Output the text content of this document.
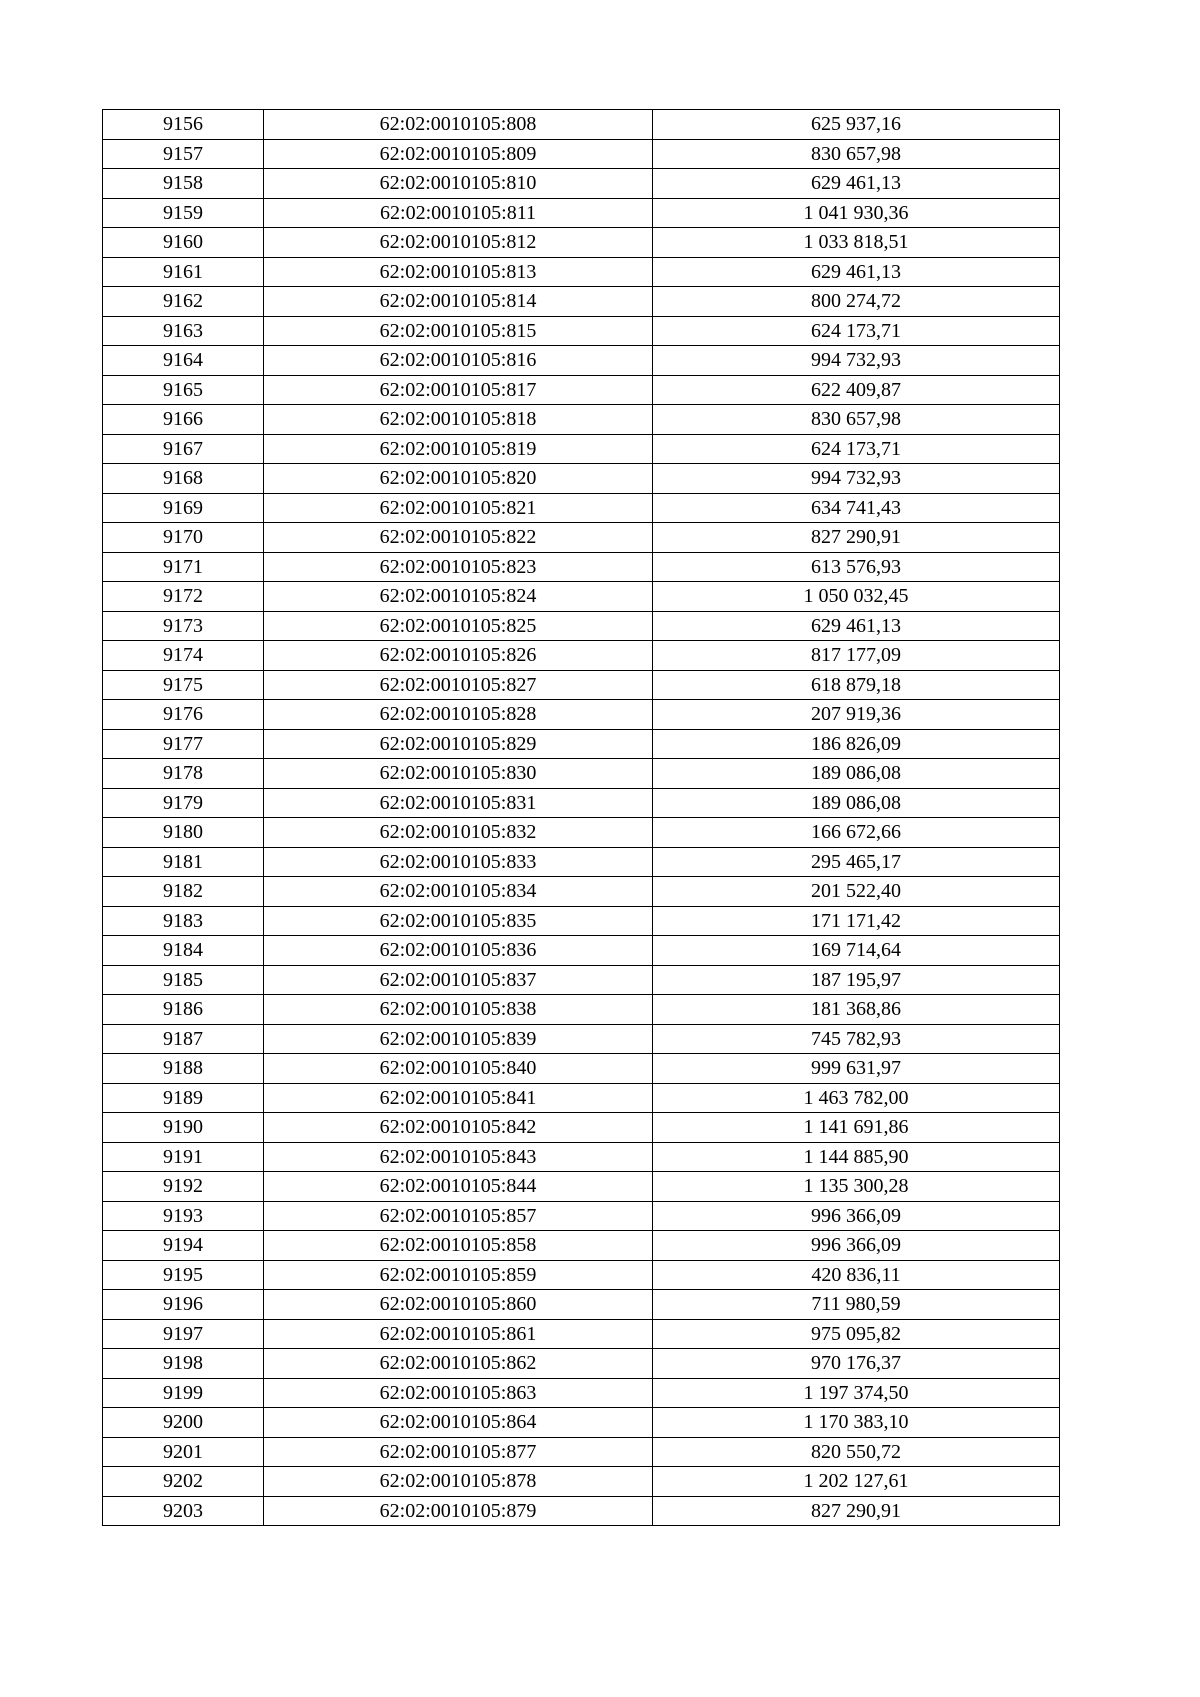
9156	62:02:0010105:808	625 937,16
9157	62:02:0010105:809	830 657,98
9158	62:02:0010105:810	629 461,13
9159	62:02:0010105:811	1 041 930,36
9160	62:02:0010105:812	1 033 818,51
9161	62:02:0010105:813	629 461,13
9162	62:02:0010105:814	800 274,72
9163	62:02:0010105:815	624 173,71
9164	62:02:0010105:816	994 732,93
9165	62:02:0010105:817	622 409,87
9166	62:02:0010105:818	830 657,98
9167	62:02:0010105:819	624 173,71
9168	62:02:0010105:820	994 732,93
9169	62:02:0010105:821	634 741,43
9170	62:02:0010105:822	827 290,91
9171	62:02:0010105:823	613 576,93
9172	62:02:0010105:824	1 050 032,45
9173	62:02:0010105:825	629 461,13
9174	62:02:0010105:826	817 177,09
9175	62:02:0010105:827	618 879,18
9176	62:02:0010105:828	207 919,36
9177	62:02:0010105:829	186 826,09
9178	62:02:0010105:830	189 086,08
9179	62:02:0010105:831	189 086,08
9180	62:02:0010105:832	166 672,66
9181	62:02:0010105:833	295 465,17
9182	62:02:0010105:834	201 522,40
9183	62:02:0010105:835	171 171,42
9184	62:02:0010105:836	169 714,64
9185	62:02:0010105:837	187 195,97
9186	62:02:0010105:838	181 368,86
9187	62:02:0010105:839	745 782,93
9188	62:02:0010105:840	999 631,97
9189	62:02:0010105:841	1 463 782,00
9190	62:02:0010105:842	1 141 691,86
9191	62:02:0010105:843	1 144 885,90
9192	62:02:0010105:844	1 135 300,28
9193	62:02:0010105:857	996 366,09
9194	62:02:0010105:858	996 366,09
9195	62:02:0010105:859	420 836,11
9196	62:02:0010105:860	711 980,59
9197	62:02:0010105:861	975 095,82
9198	62:02:0010105:862	970 176,37
9199	62:02:0010105:863	1 197 374,50
9200	62:02:0010105:864	1 170 383,10
9201	62:02:0010105:877	820 550,72
9202	62:02:0010105:878	1 202 127,61
9203	62:02:0010105:879	827 290,91
